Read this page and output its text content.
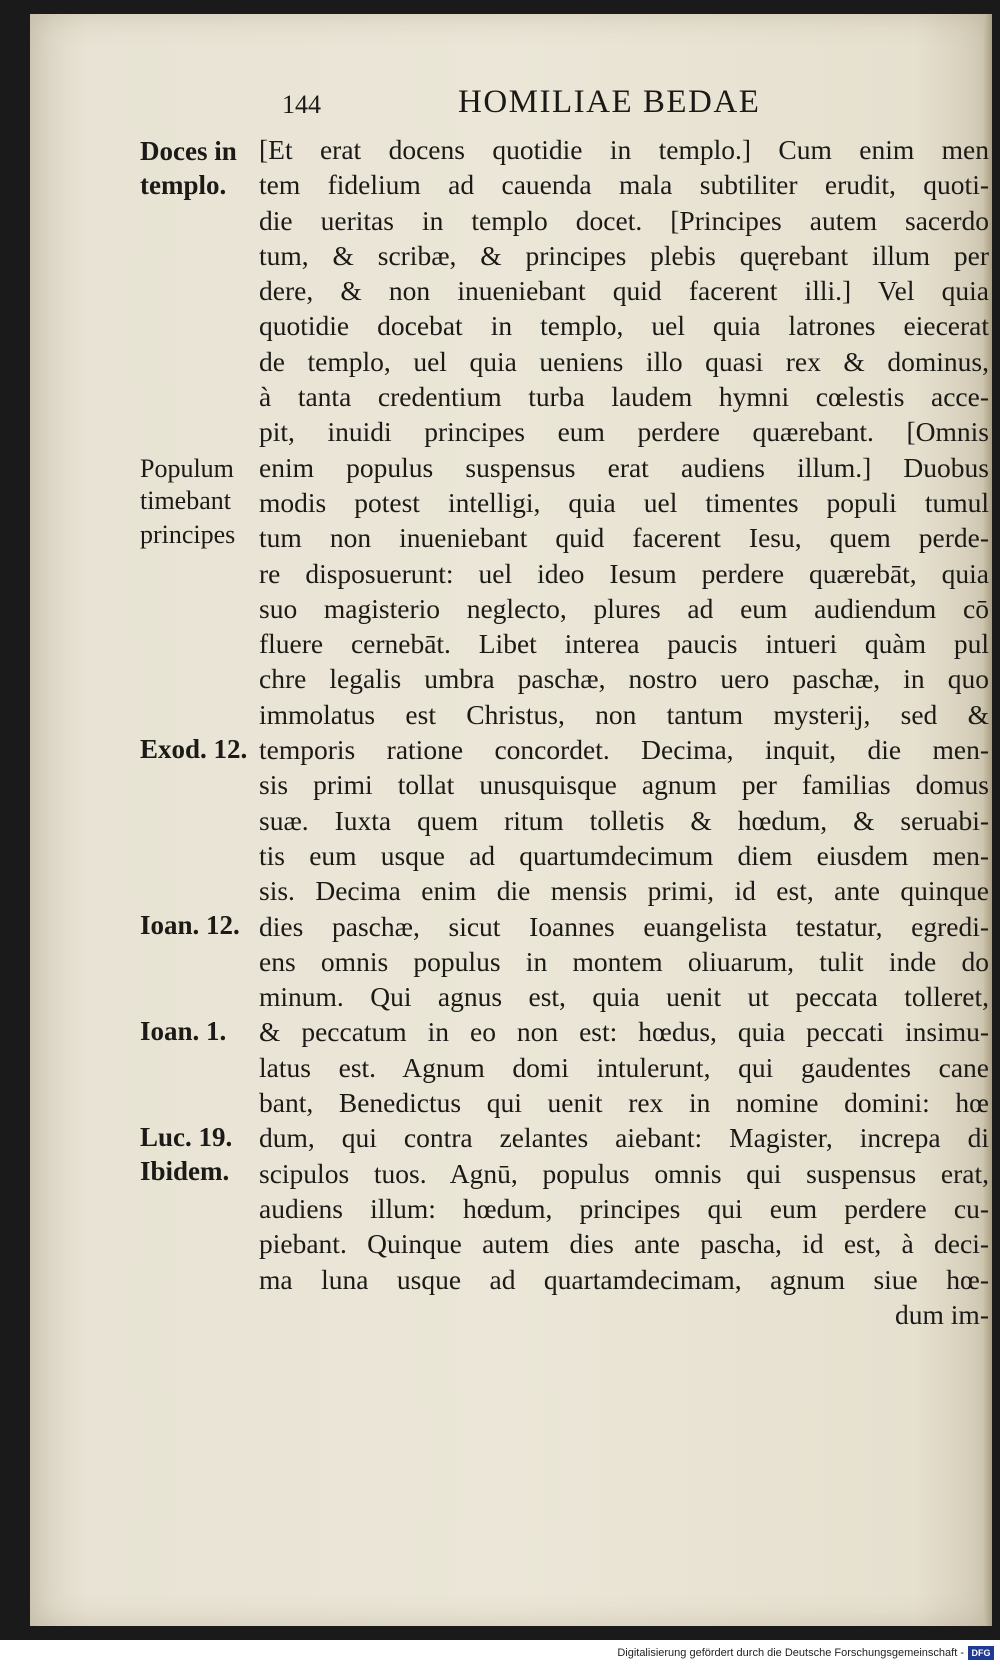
144	HOMILIAE BEDAE
Doces in
templo.
Populum
timebant
principes
Exod. 12.
Ioan. 12.
Ioan. 1.
Luc. 19.
Ibidem.
[Et erat docens quotidie in templo.] Cum enim men
tem fidelium ad cauenda mala subtiliter erudit, quoti-
die ueritas in templo docet. [Principes autem sacerdo
tum, & scribæ, & principes plebis quęrebant illum per
dere, & non inueniebant quid facerent illi.] Vel quia
quotidie docebat in templo, uel quia latrones eiecerat
de templo, uel quia ueniens illo quasi rex & dominus,
à tanta credentium turba laudem hymni cœlestis acce-
pit, inuidi principes eum perdere quærebant. [Omnis
enim populus suspensus erat audiens illum.] Duobus
modis potest intelligi, quia uel timentes populi tumul
tum non inueniebant quid facerent Iesu, quem perde-
re disposuerunt: uel ideo Iesum perdere quærebāt, quia
suo magisterio neglecto, plures ad eum audiendum cō
fluere cernebāt. Libet interea paucis intueri quàm pul
chre legalis umbra paschæ, nostro uero paschæ, in quo
immolatus est Christus, non tantum mysterij, sed &
temporis ratione concordet. Decima, inquit, die men-
sis primi tollat unusquisque agnum per familias domus
suæ. Iuxta quem ritum tolletis & hœdum, & seruabi-
tis eum usque ad quartumdecimum diem eiusdem men-
sis. Decima enim die mensis primi, id est, ante quinque
dies paschæ, sicut Ioannes euangelista testatur, egredi-
ens omnis populus in montem oliuarum, tulit inde do
minum. Qui agnus est, quia uenit ut peccata tolleret,
& peccatum in eo non est: hœdus, quia peccati insimu-
latus est. Agnum domi intulerunt, qui gaudentes cane
bant, Benedictus qui uenit rex in nomine domini: hœ
dum, qui contra zelantes aiebant: Magister, increpa di
scipulos tuos. Agnū, populus omnis qui suspensus erat,
audiens illum: hœdum, principes qui eum perdere cu-
piebant. Quinque autem dies ante pascha, id est, à deci-
ma luna usque ad quartamdecimam, agnum siue hœ-
dum im-
Digitalisierung gefördert durch die Deutsche Forschungsgemeinschaft - DFG
